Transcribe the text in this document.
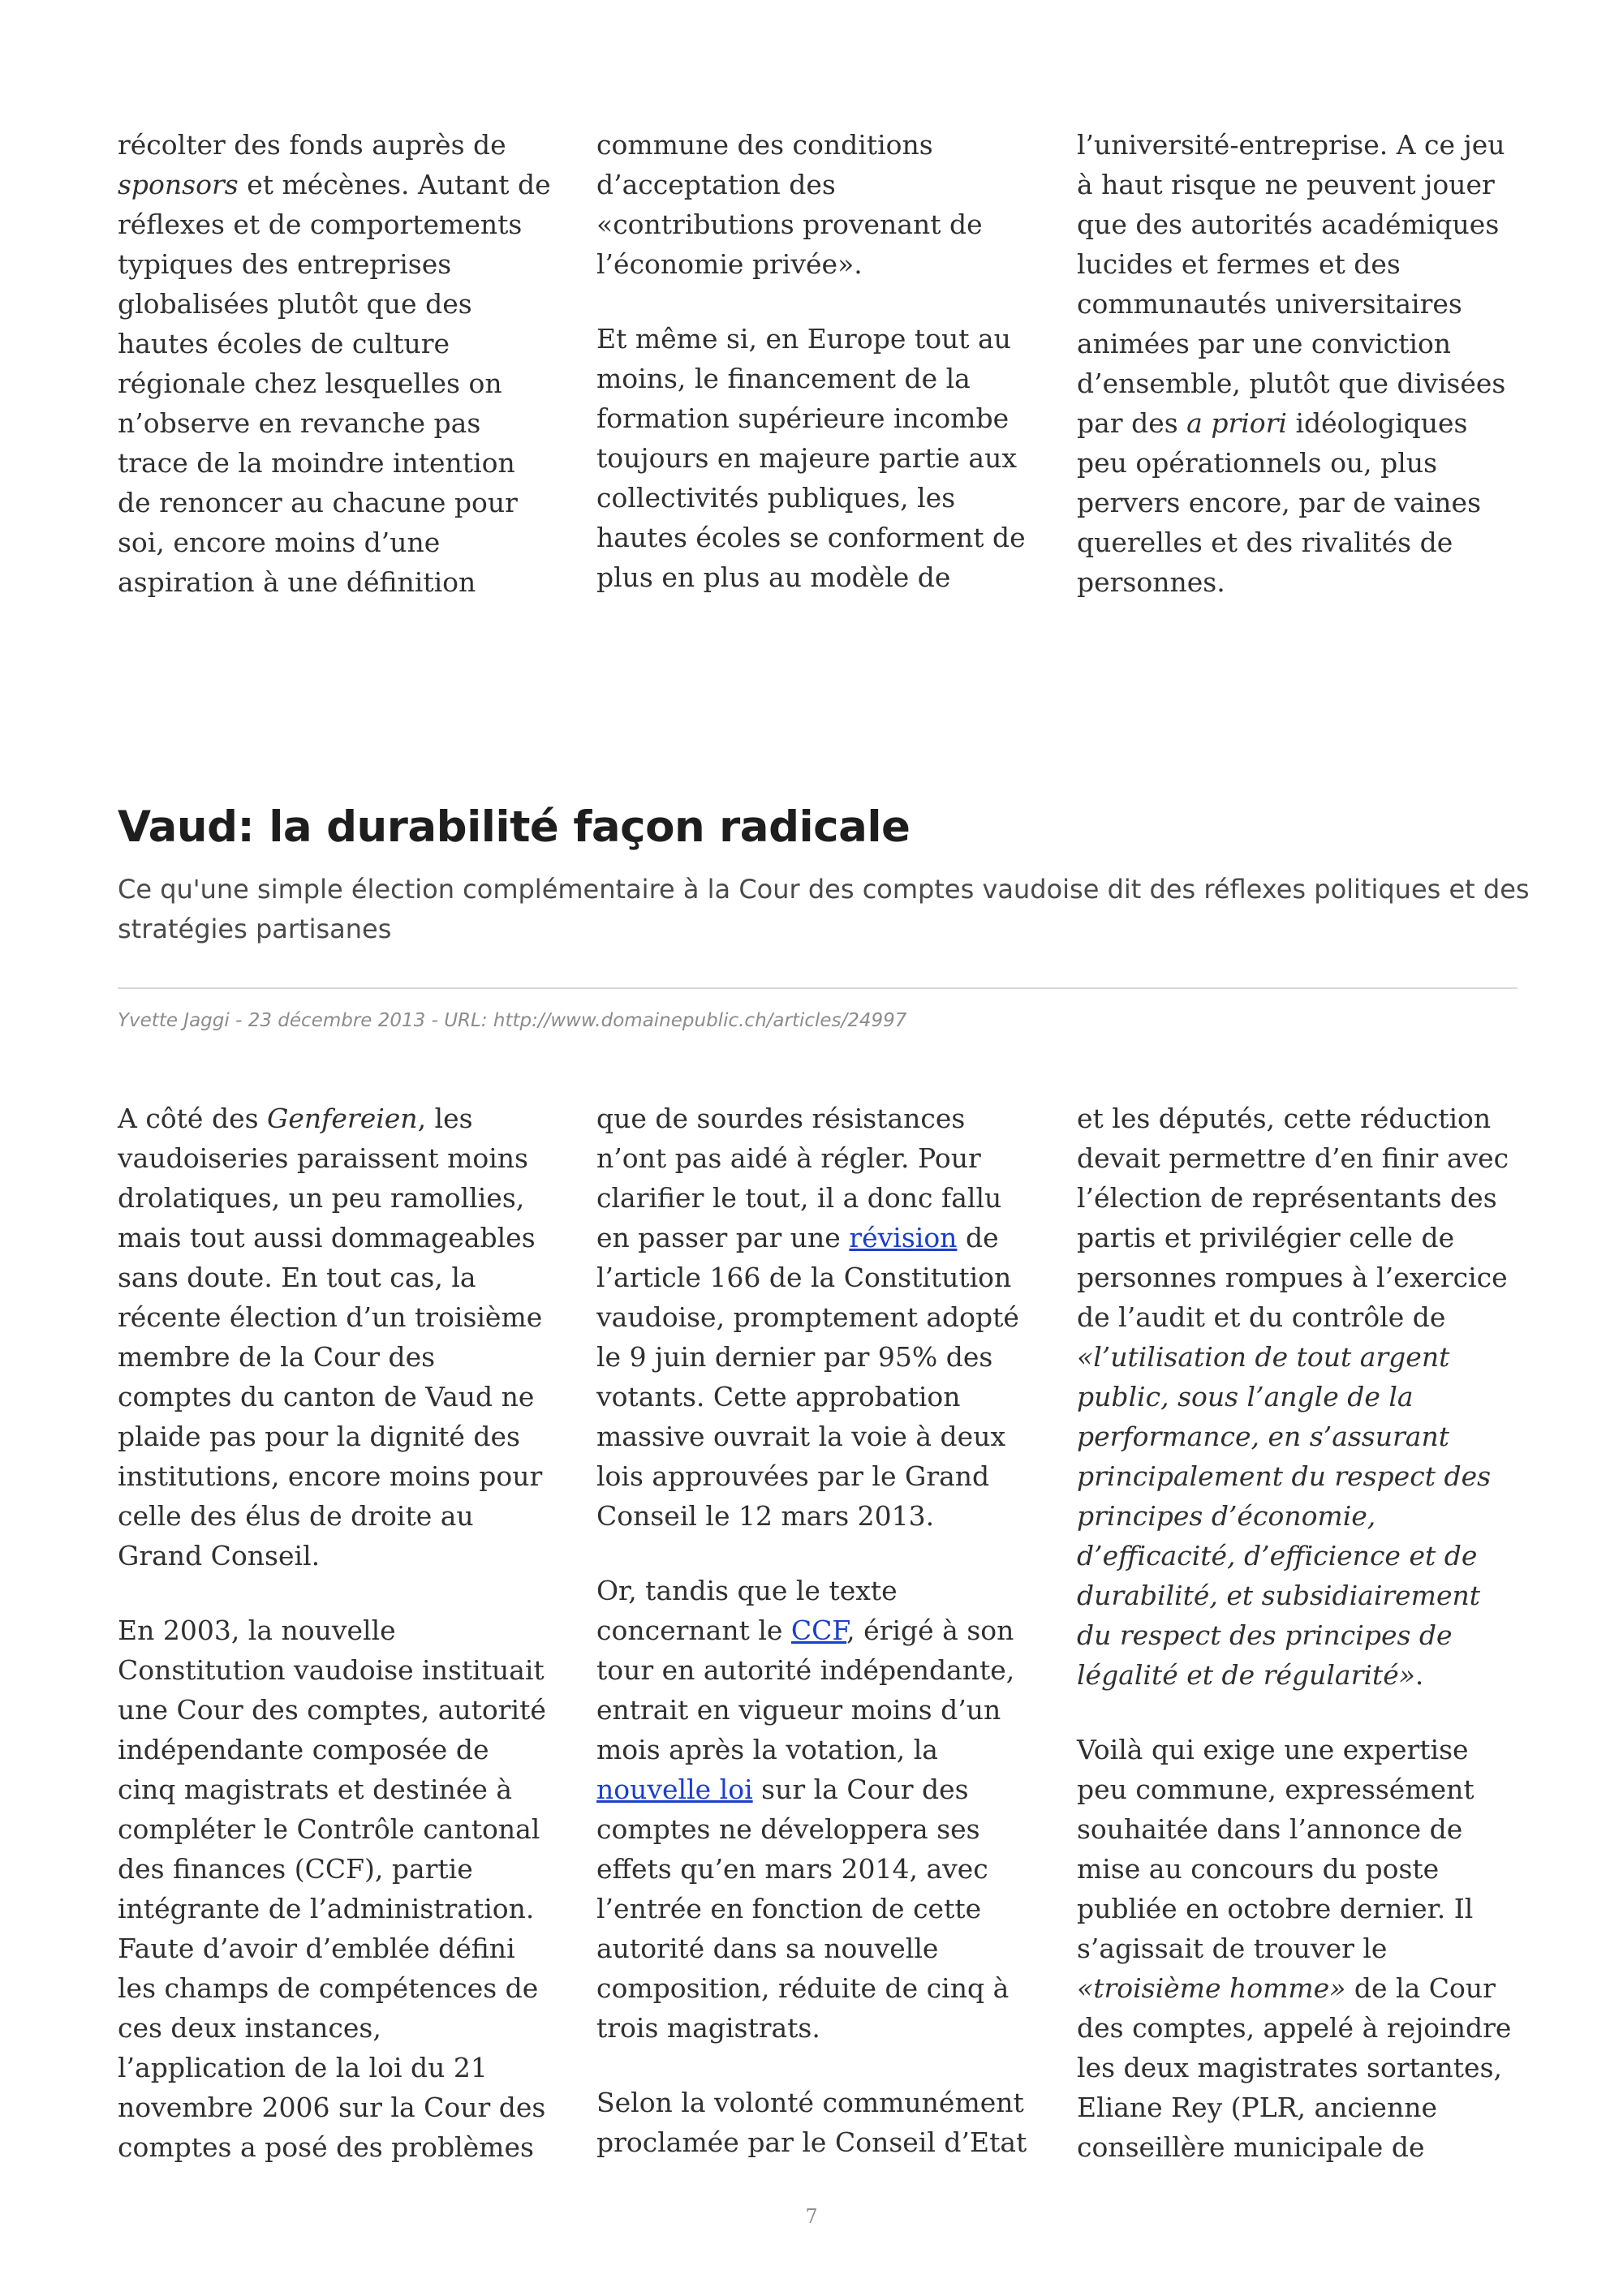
récolter des fonds auprès de
sponsors et mécènes. Autant de
réflexes et de comportements
typiques des entreprises
globalisées plutôt que des
hautes écoles de culture
régionale chez lesquelles on
n’observe en revanche pas
trace de la moindre intention
de renoncer au chacune pour
soi, encore moins d’une
aspiration à une définition

commune des conditions
d’acceptation des
«contributions provenant de
l’économie privée».

Et même si, en Europe tout au
moins, le financement de la
formation supérieure incombe
toujours en majeure partie aux
collectivités publiques, les
hautes écoles se conforment de
plus en plus au modèle de

l’université-entreprise. A ce jeu
à haut risque ne peuvent jouer
que des autorités académiques
lucides et fermes et des
communautés universitaires
animées par une conviction
d’ensemble, plutôt que divisées
par des a priori idéologiques
peu opérationnels ou, plus
pervers encore, par de vaines
querelles et des rivalités de
personnes.

Vaud: la durabilité façon radicale

Ce qu'une simple élection complémentaire à la Cour des comptes vaudoise dit des réflexes politiques et des stratégies partisanes

Yvette Jaggi - 23 décembre 2013 - URL: http://www.domainepublic.ch/articles/24997

A côté des Genfereien, les
vaudoiseries paraissent moins
drolatiques, un peu ramollies,
mais tout aussi dommageables
sans doute. En tout cas, la
récente élection d’un troisième
membre de la Cour des
comptes du canton de Vaud ne
plaide pas pour la dignité des
institutions, encore moins pour
celle des élus de droite au
Grand Conseil.

En 2003, la nouvelle
Constitution vaudoise instituait
une Cour des comptes, autorité
indépendante composée de
cinq magistrats et destinée à
compléter le Contrôle cantonal
des finances (CCF), partie
intégrante de l’administration.
Faute d’avoir d’emblée défini
les champs de compétences de
ces deux instances,
l’application de la loi du 21
novembre 2006 sur la Cour des
comptes a posé des problèmes

que de sourdes résistances
n’ont pas aidé à régler. Pour
clarifier le tout, il a donc fallu
en passer par une révision de
l’article 166 de la Constitution
vaudoise, promptement adopté
le 9 juin dernier par 95% des
votants. Cette approbation
massive ouvrait la voie à deux
lois approuvées par le Grand
Conseil le 12 mars 2013.

Or, tandis que le texte
concernant le CCF, érigé à son
tour en autorité indépendante,
entrait en vigueur moins d’un
mois après la votation, la
nouvelle loi sur la Cour des
comptes ne développera ses
effets qu’en mars 2014, avec
l’entrée en fonction de cette
autorité dans sa nouvelle
composition, réduite de cinq à
trois magistrats.

Selon la volonté communément
proclamée par le Conseil d’Etat

et les députés, cette réduction
devait permettre d’en finir avec
l’élection de représentants des
partis et privilégier celle de
personnes rompues à l’exercice
de l’audit et du contrôle de
«l’utilisation de tout argent
public, sous l’angle de la
performance, en s’assurant
principalement du respect des
principes d’économie,
d’efficacité, d’efficience et de
durabilité, et subsidiairement
du respect des principes de
légalité et de régularité».

Voilà qui exige une expertise
peu commune, expressément
souhaitée dans l’annonce de
mise au concours du poste
publiée en octobre dernier. Il
s’agissait de trouver le
«troisième homme» de la Cour
des comptes, appelé à rejoindre
les deux magistrates sortantes,
Eliane Rey (PLR, ancienne
conseillère municipale de

7
